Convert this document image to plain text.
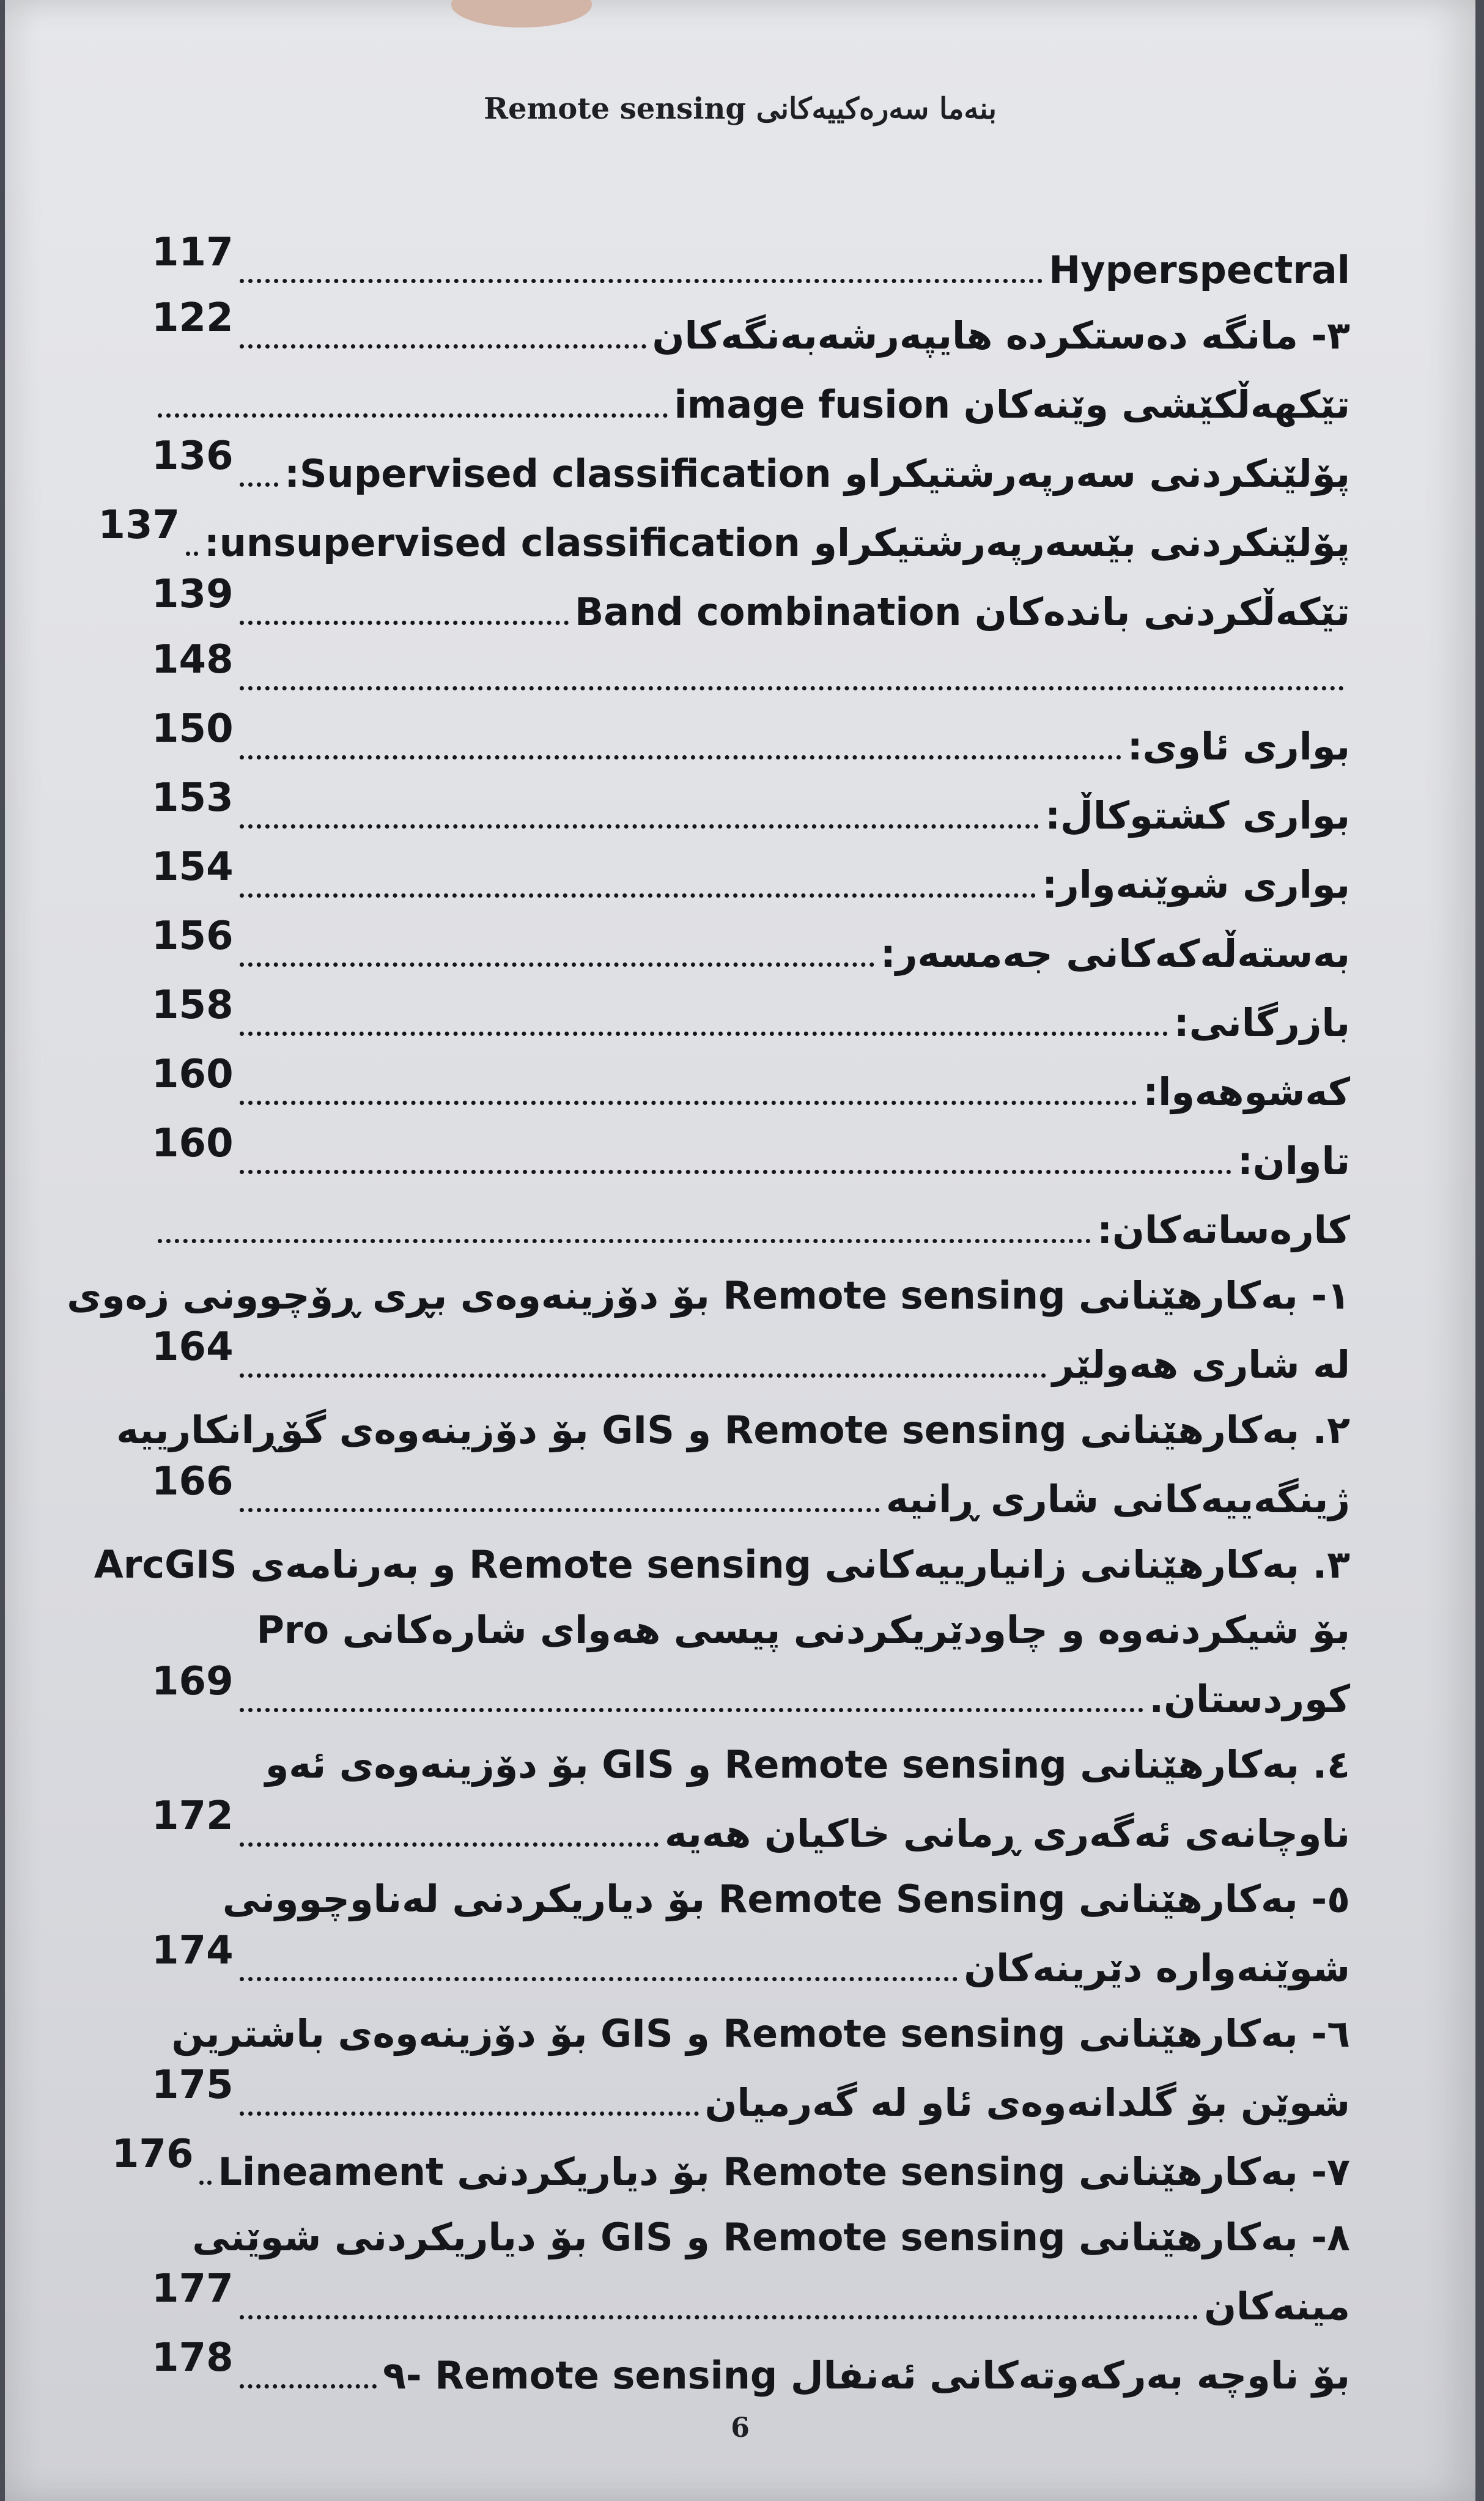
بنەما سەرەکییەکانی Remote sensing
Hyperspectral
117
٣- مانگە دەستکردە هایپەرشەبەنگەکان
122
تێکهەڵکێشی وێنەکان image fusion
پۆلێنکردنی سەرپەرشتیکراو Supervised classification:
136
پۆلێنکردنی بێسەرپەرشتیکراو unsupervised classification:
137
تێکەڵکردنی باندەکان Band combination
139
148
بواری ئاوی:
150
بواری کشتوکاڵ:
153
بواری شوێنەوار:
154
بەستەڵەکەکانی جەمسەر:
156
بازرگانی:
158
کەشوهەوا:
160
تاوان:
160
کارەساتەکان:
١- بەکارهێنانی Remote sensing بۆ دۆزینەوەی بڕی ڕۆچوونی زەوی
لە شاری هەولێر
164
٢. بەکارهێنانی Remote sensing و GIS بۆ دۆزینەوەی گۆڕانکارییە
ژینگەییەکانی شاری ڕانیە
166
٣. بەکارهێنانی زانیارییەکانی Remote sensing و بەرنامەی ArcGIS
Pro بۆ شیکردنەوە و چاودێریکردنی پیسی هەوای شارەکانی
کوردستان.
169
٤. بەکارهێنانی Remote sensing و GIS بۆ دۆزینەوەی ئەو
ناوچانەی ئەگەری ڕمانی خاکیان هەیە
172
٥- بەکارهێنانی Remote Sensing بۆ دیاریکردنی لەناوچوونی
شوێنەوارە دێرینەکان
174
٦- بەکارهێنانی Remote sensing و GIS بۆ دۆزینەوەی باشترین
شوێن بۆ گلدانەوەی ئاو لە گەرمیان
175
٧- بەکارهێنانی Remote sensing بۆ دیاریکردنی Lineament
176
٨- بەکارهێنانی Remote sensing و GIS بۆ دیاریکردنی شوێنی
مینەکان
177
٩- Remote sensing بۆ ناوچە بەرکەوتەکانی ئەنفال
178
6
